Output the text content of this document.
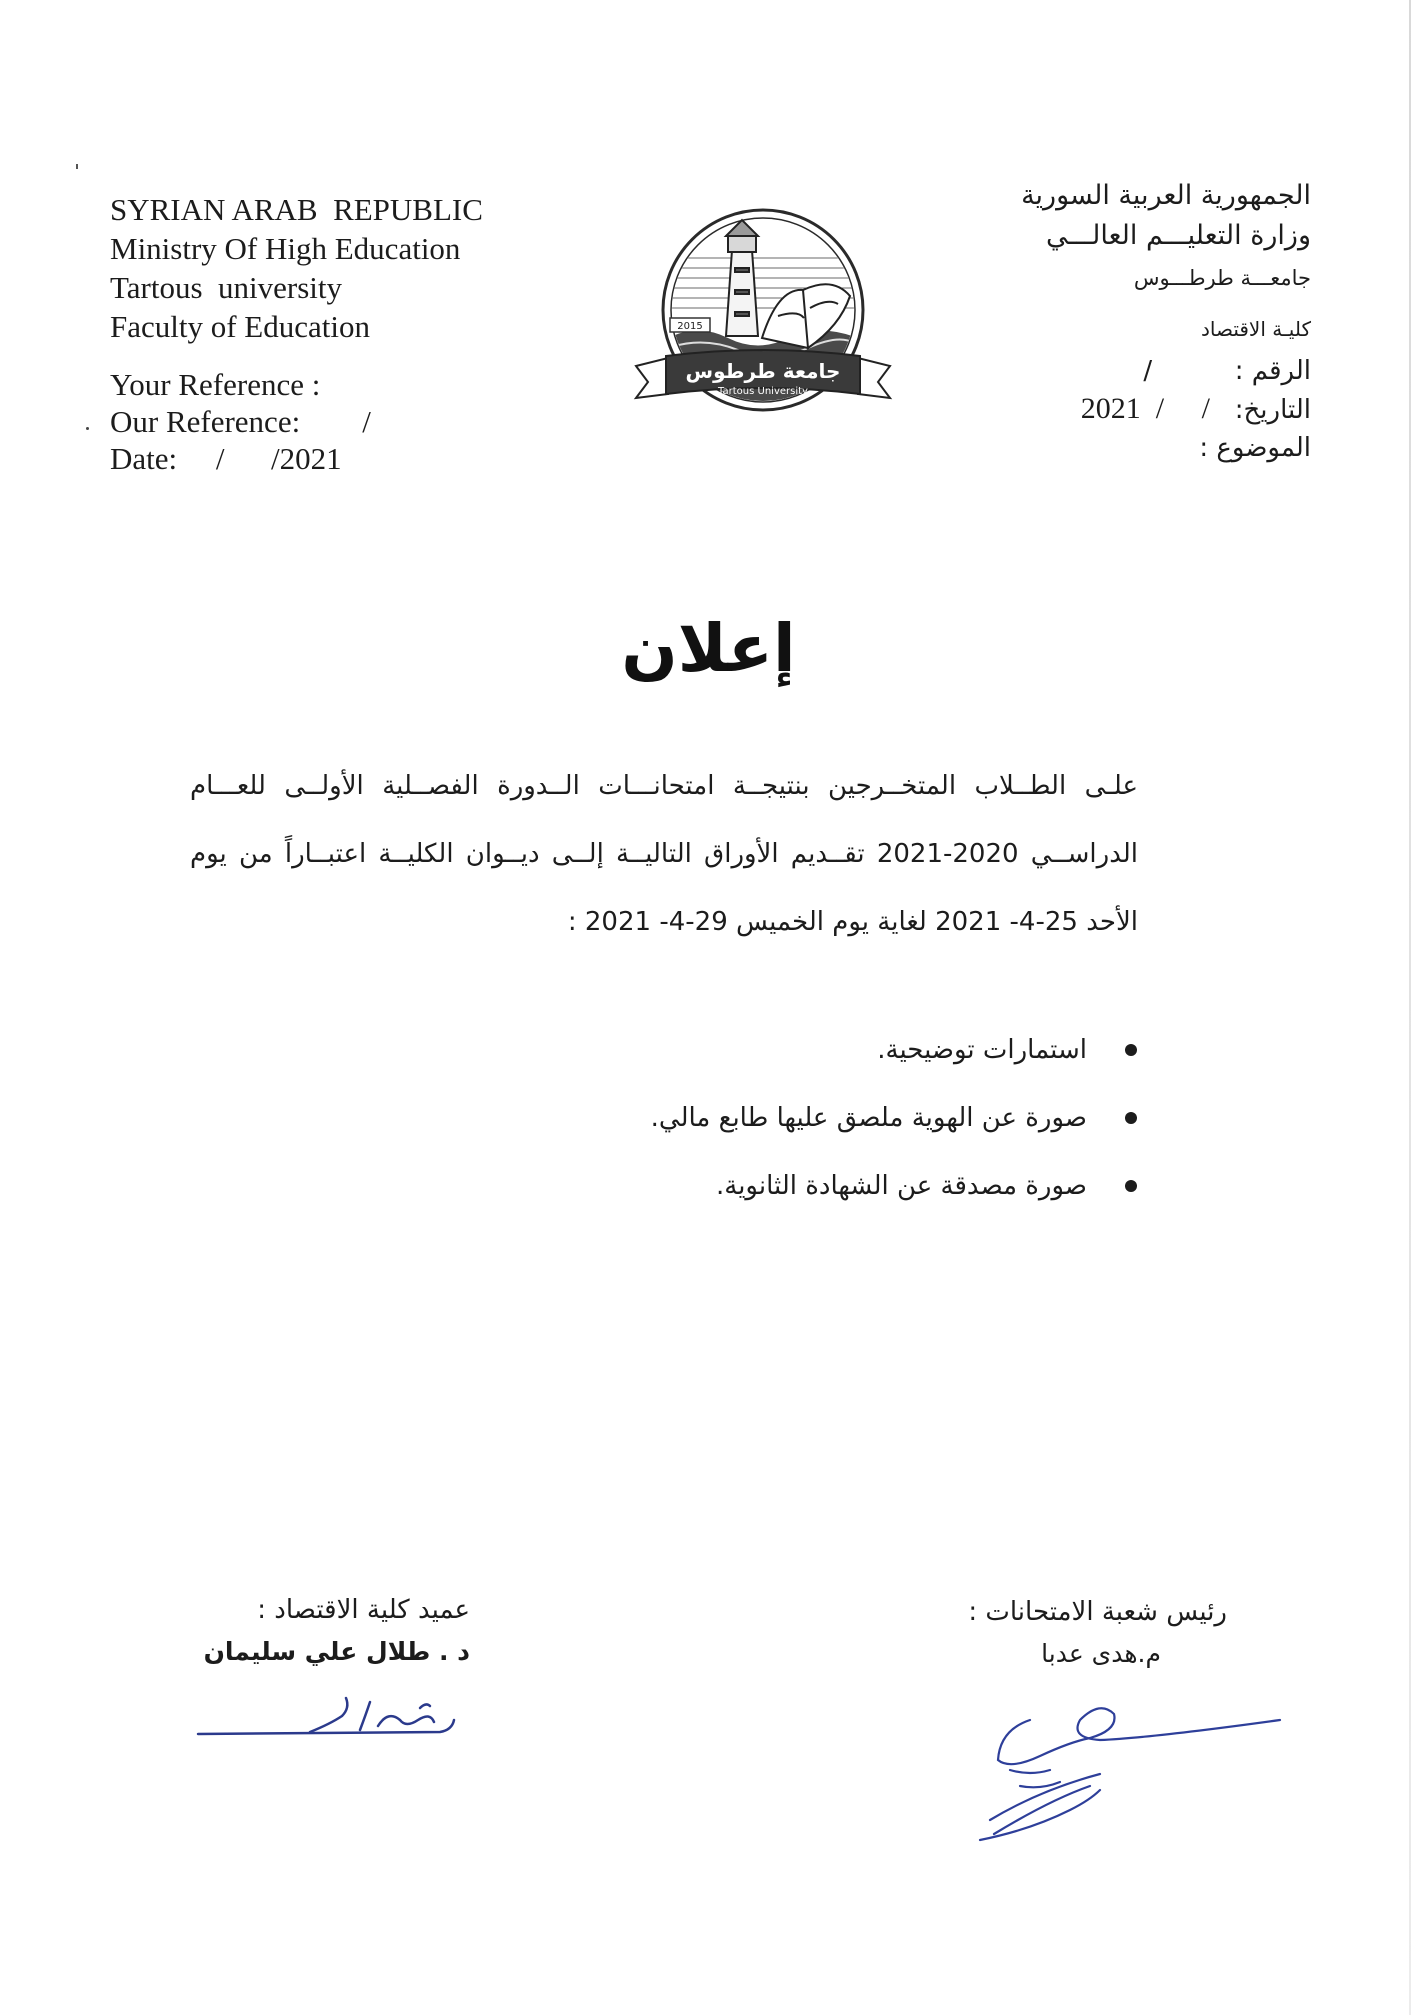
SYRIAN ARAB  REPUBLIC
Ministry Of High Education
Tartous  university
Faculty of Education
Your Reference :
Our Reference:        /
Date:     /      /2021
2015
جامعة طرطوس
Tartous University
الجمهورية العربية السورية
وزارة التعليـــم العالـــي
جامعـــة طرطـــوس
كليـة الاقتصاد
الرقم :          /
التاريخ:   2021  /     /
الموضوع :
إعلان
علـى الطــلاب المتخــرجين بنتيجــة امتحانـــات الــدورة الفصــلية الأولــى للعـــام الدراســي 2020-2021 تقــديم الأوراق التاليــة إلــى ديــوان الكليــة اعتبــاراً من يوم الأحد 25-4- 2021 لغاية يوم الخميس 29-4- 2021 :
استمارات توضيحية.
صورة عن الهوية ملصق عليها طابع مالي.
صورة مصدقة عن الشهادة الثانوية.
عميد كلية الاقتصاد :
د . طلال علي سليمان
رئيس شعبة الامتحانات :
م.هدى عدبا
